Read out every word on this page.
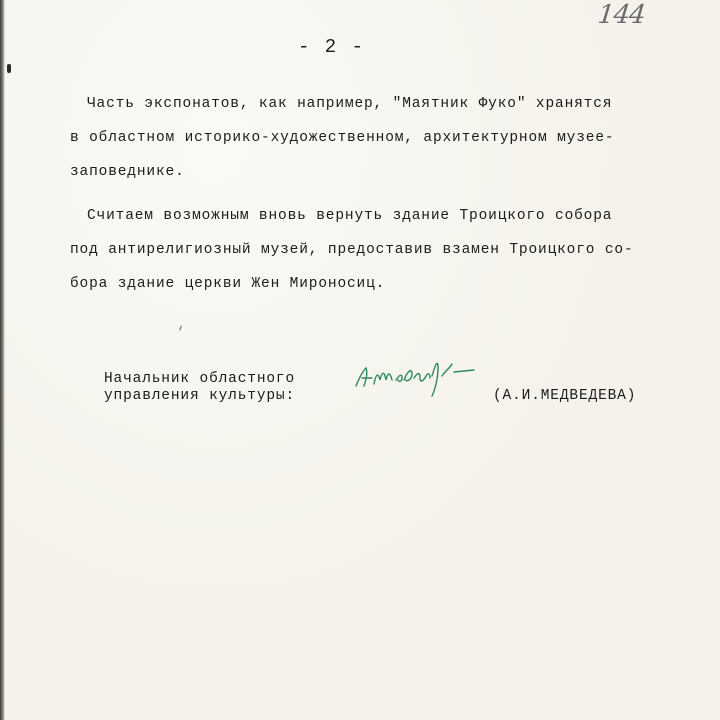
144
- 2 -
Часть экспонатов, как например, "Маятник Фуко" хранятся
в областном историко-художественном, архитектурном музее-
заповеднике.
Считаем возможным вновь вернуть здание Троицкого собора
под антирелигиозный музей, предоставив взамен Троицкого со-
бора здание церкви Жен Мироносиц.
Начальник областного
управления культуры:	(А.И.МЕДВЕДЕВА)
